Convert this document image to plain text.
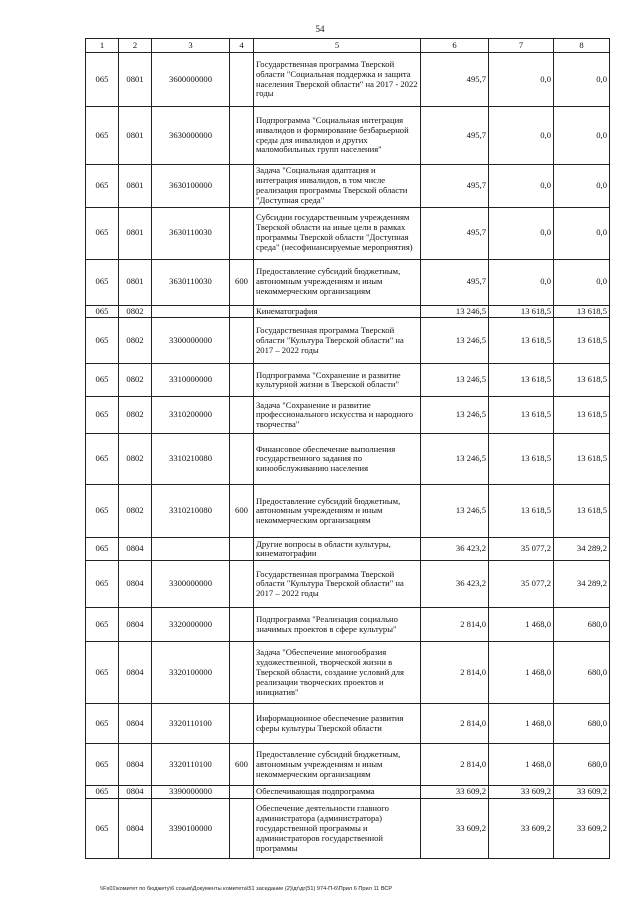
54
1	2	3	4	5	6	7	8
065	0801	3600000000		Государственная программа Тверской области "Социальная поддержка и защита населения Тверской области" на 2017 - 2022 годы	495,7	0,0	0,0
065	0801	3630000000		Подпрограмма "Социальная интеграция инвалидов и формирование безбарьерной среды для инвалидов и других маломобильных групп населения"	495,7	0,0	0,0
065	0801	3630100000		Задача "Социальная адаптация и интеграция инвалидов, в том числе реализация программы Тверской области "Доступная среда"	495,7	0,0	0,0
065	0801	3630110030		Субсидии государственным учреждениям Тверской области на иные цели в рамках программы Тверской области "Доступная среда" (несофинансируемые мероприятия)	495,7	0,0	0,0
065	0801	3630110030	600	Предоставление субсидий бюджетным, автономным учреждениям и иным некоммерческим организациям	495,7	0,0	0,0
065	0802			Кинематография	13 246,5	13 618,5	13 618,5
065	0802	3300000000		Государственная программа Тверской области "Культура Тверской области" на 2017 – 2022 годы	13 246,5	13 618,5	13 618,5
065	0802	3310000000		Подпрограмма "Сохранение и развитие культурной жизни в Тверской области"	13 246,5	13 618,5	13 618,5
065	0802	3310200000		Задача "Сохранение и развитие профессионального искусства и народного творчества"	13 246,5	13 618,5	13 618,5
065	0802	3310210080		Финансовое обеспечение выполнения государственного задания по кинообслуживанию населения	13 246,5	13 618,5	13 618,5
065	0802	3310210080	600	Предоставление субсидий бюджетным, автономным учреждениям и иным некоммерческим организациям	13 246,5	13 618,5	13 618,5
065	0804			Другие вопросы в области культуры, кинематографии	36 423,2	35 077,2	34 289,2
065	0804	3300000000		Государственная программа Тверской области "Культура Тверской области" на 2017 – 2022 годы	36 423,2	35 077,2	34 289,2
065	0804	3320000000		Подпрограмма "Реализация социально значимых проектов в сфере культуры"	2 814,0	1 468,0	680,0
065	0804	3320100000		Задача "Обеспечение многообразия художественной, творческой жизни в Тверской области, создание условий для реализации творческих проектов и инициатив"	2 814,0	1 468,0	680,0
065	0804	3320110100		Информационное обеспечение развития сферы культуры Тверской области	2 814,0	1 468,0	680,0
065	0804	3320110100	600	Предоставление субсидий бюджетным, автономным учреждениям и иным некоммерческим организациям	2 814,0	1 468,0	680,0
065	0804	3390000000		Обеспечивающая подпрограмма	33 609,2	33 609,2	33 609,2
065	0804	3390100000		Обеспечение деятельности главного администратора (администратора) государственной программы и администраторов государственной программы	33 609,2	33 609,2	33 609,2
\\Fs01\комитет по бюджету\6 созыв\Документы комитета\51 заседание (2)\дг\дг(51) 974-П-6\Прил 6 Прил 11 ВСР
